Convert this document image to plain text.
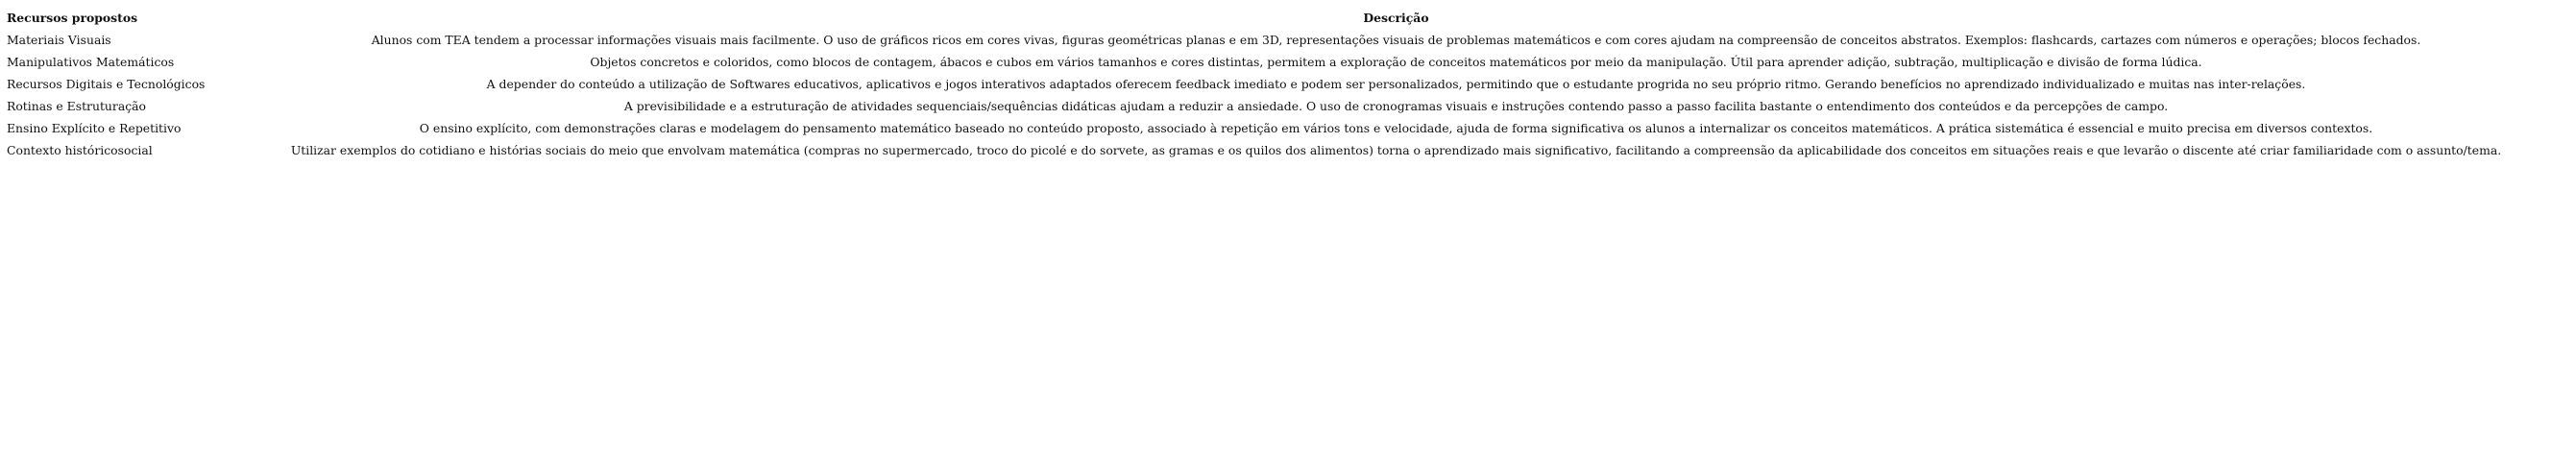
Recursos propostos	Descrição
Materiais Visuais	Alunos com TEA tendem a processar informações visuais mais facilmente. O uso de gráficos ricos em cores vivas, figuras geométricas planas e em 3D, representações visuais de problemas matemáticos e com cores ajudam na compreensão de conceitos abstratos. Exemplos: flashcards, cartazes com números e operações; blocos fechados.
Manipulativos Matemáticos	Objetos concretos e coloridos, como blocos de contagem, ábacos e cubos em vários tamanhos e cores distintas, permitem a exploração de conceitos matemáticos por meio da manipulação. Útil para aprender adição, subtração, multiplicação e divisão de forma lúdica.
Recursos Digitais e Tecnológicos	A depender do conteúdo a utilização de Softwares educativos, aplicativos e jogos interativos adaptados oferecem feedback imediato e podem ser personalizados, permitindo que o estudante progrida no seu próprio ritmo. Gerando benefícios no aprendizado individualizado e muitas nas inter-relações.
Rotinas e Estruturação	A previsibilidade e a estruturação de atividades sequenciais/sequências didáticas ajudam a reduzir a ansiedade. O uso de cronogramas visuais e instruções contendo passo a passo facilita bastante o entendimento dos conteúdos e da percepções de campo.
Ensino Explícito e Repetitivo	O ensino explícito, com demonstrações claras e modelagem do pensamento matemático baseado no conteúdo proposto, associado à repetição em vários tons e velocidade, ajuda de forma significativa os alunos a internalizar os conceitos matemáticos. A prática sistemática é essencial e muito precisa em diversos contextos.
Contexto históricosocial	Utilizar exemplos do cotidiano e histórias sociais do meio que envolvam matemática (compras no supermercado, troco do picolé e do sorvete, as gramas e os quilos dos alimentos) torna o aprendizado mais significativo, facilitando a compreensão da aplicabilidade dos conceitos em situações reais e que levarão o discente até criar familiaridade com o assunto/tema.
